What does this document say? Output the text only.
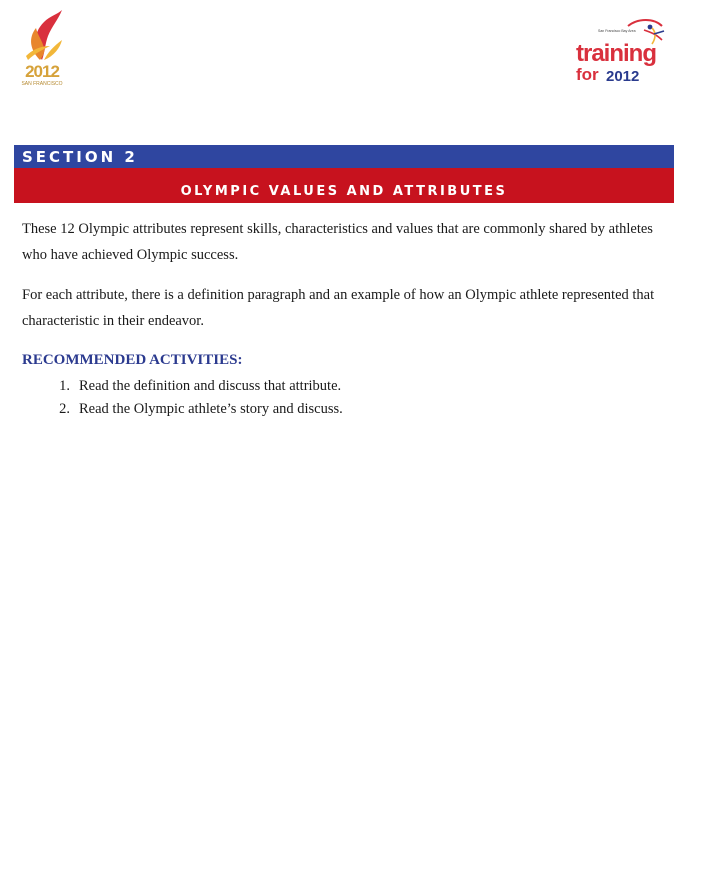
2012
SAN FRANCISCO
San Francisco Bay Area
training
for 2012
SECTION 2
OLYMPIC VALUES AND ATTRIBUTES

These 12 Olympic attributes represent skills, characteristics and values that are commonly shared by athletes who have achieved Olympic success.

For each attribute, there is a definition paragraph and an example of how an Olympic athlete represented that characteristic in their endeavor.

RECOMMENDED ACTIVITIES:
1. Read the definition and discuss that attribute.
2. Read the Olympic athlete’s story and discuss.
